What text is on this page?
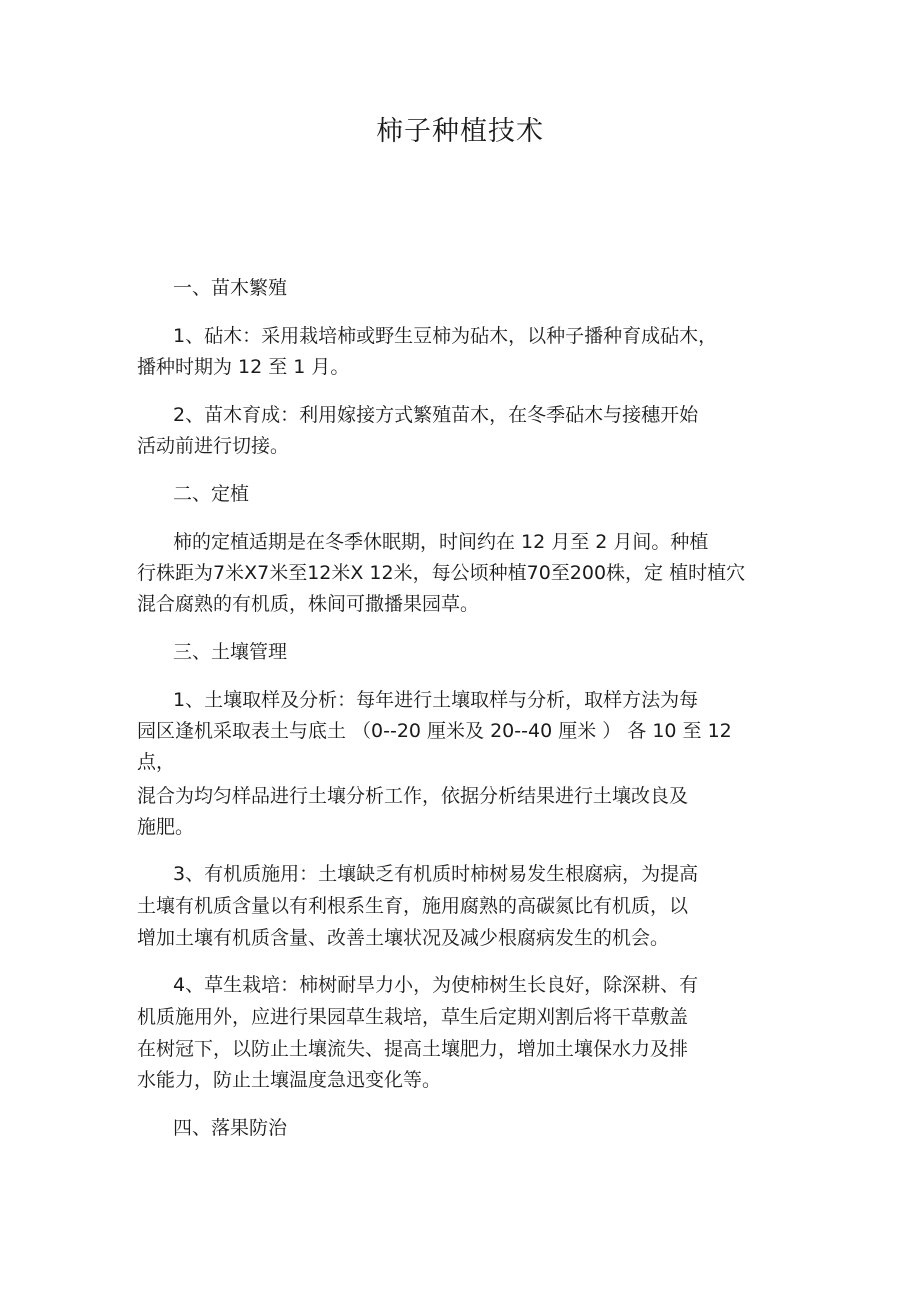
柿子种植技术
一、苗木繁殖
1、砧木：采用栽培柿或野生豆柿为砧木，以种子播种育成砧木，
播种时期为 12 至 1 月。
2、苗木育成：利用嫁接方式繁殖苗木，在冬季砧木与接穗开始
活动前进行切接。
二、定植
柿的定植适期是在冬季休眠期，时间约在 12 月至 2 月间。种植
行株距为7米X7米至12米X 12米，每公顷种植70至200株，定 植时植穴
混合腐熟的有机质，株间可撒播果园草。
三、土壤管理
1、土壤取样及分析：每年进行土壤取样与分析，取样方法为每
园区逢机采取表土与底土 （0--20 厘米及 20--40 厘米 ） 各 10 至 12
点，
混合为均匀样品进行土壤分析工作，依据分析结果进行土壤改良及
施肥。
3、有机质施用：土壤缺乏有机质时柿树易发生根腐病，为提高
土壤有机质含量以有利根系生育，施用腐熟的高碳氮比有机质，以
增加土壤有机质含量、改善土壤状况及减少根腐病发生的机会。
4、草生栽培：柿树耐旱力小，为使柿树生长良好，除深耕、有
机质施用外，应进行果园草生栽培，草生后定期刈割后将干草敷盖
在树冠下，以防止土壤流失、提高土壤肥力，增加土壤保水力及排
水能力，防止土壤温度急迅变化等。
四、落果防治
